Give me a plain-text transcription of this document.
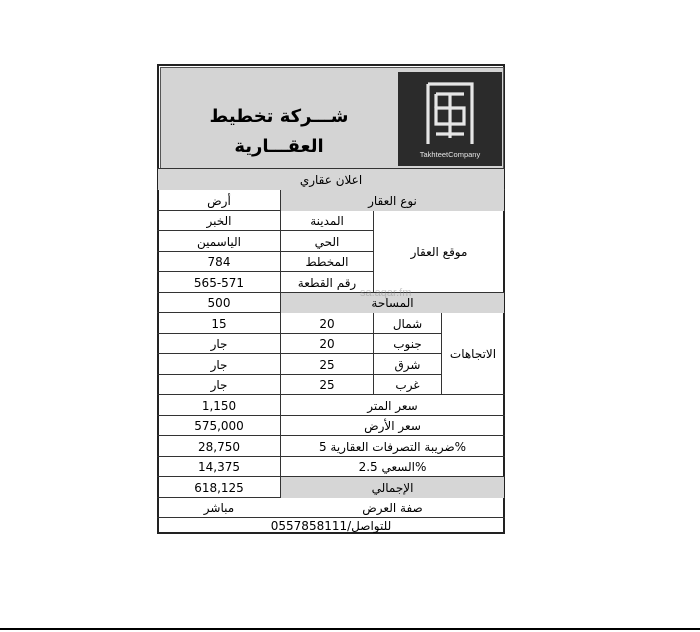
شـــركة تخطيط العقـــارية	TakhteetCompany
اعلان عقاري
أرض	نوع العقار
الخبر	المدينة
الياسمين	الحي
784	المخطط
565-571	رقم القطعة
موقع العقار
500	المساحة
15	20	شمال
جار	20	جنوب
جار	25	شرق
جار	25	غرب
الاتجاهات
1,150	سعر المتر
575,000	سعر الأرض
28,750	ضريبة التصرفات العقارية 5%
14,375	السعي 2.5%
618,125	الإجمالي
مباشر	صفة العرض
للتواصل/0557858111
sa.aqar.fm
